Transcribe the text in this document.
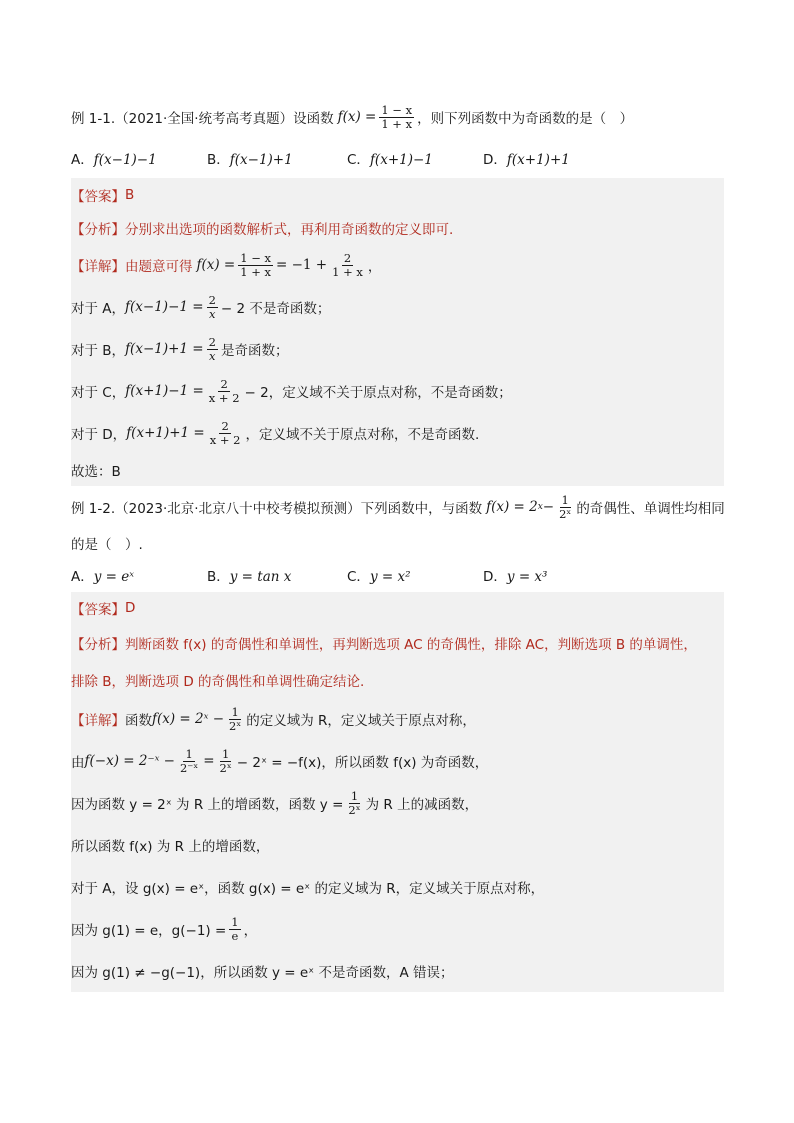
例 1-1.（2021·全国·统考高考真题）设函数 $f(x) = \frac{1 - x}{1 + x}$ ，则下列函数中为奇函数的是（　）
A．f(x−1)−1	B．f(x−1)+1	C．f(x+1)−1	D．f(x+1)+1
【答案】 B
【分析】 分别求出选项的函数解析式，再利用奇函数的定义即可.
【详解】 由题意可得 $f(x) = \frac{1 - x}{1 + x} = -1 + \frac{2}{1 + x}$ ，
对于 A， $f(x-1)-1 = \frac{2}{x} - 2$ 不是奇函数；
对于 B， $f(x-1)+1 = \frac{2}{x}$ 是奇函数；
对于 C， $f(x+1)-1 = \frac{2}{x + 2} - 2$，定义域不关于原点对称，不是奇函数；
对于 D， $f(x+1)+1 = \frac{2}{x + 2}$ ，定义域不关于原点对称，不是奇函数.
故选：B
例 1-2.（2023·北京·北京八十中校考模拟预测）下列函数中，与函数 f(x) = 2 $x - \frac{1}{\text{2ˣ}}$ 的奇偶性、单调性均相同
的是（　）.
A．y = eˣ	B．y = tan x	C．y = x²	D．y = x³
【答案】 D
【分析】 判断函数 f(x) 的奇偶性和单调性，再判断选项 AC 的奇偶性，排除 AC，判断选项 B 的单调性，
排除 B，判断选项 D 的奇偶性和单调性确定结论.
【详解】 函数 f(x) = 2ˣ − $\frac{1}{\text{2ˣ}}$ 的定义域为 R，定义域关于原点对称，
由 f(−x) = 2⁻ˣ − $\frac{1}{\text{2⁻ˣ}} = \frac{1}{\text{2ˣ}}$ − 2ˣ = −f(x)，所以函数 f(x) 为奇函数，
因为函数 y = 2ˣ 为 R 上的增函数，函数 $y = \frac{1}{\text{2ˣ}}$ 为 R 上的减函数，
所以函数 f(x) 为 R 上的增函数，
对于 A，设 g(x) = eˣ，函数 g(x) = eˣ 的定义域为 R，定义域关于原点对称，
因为 g(1) = e，$g(-1) = \frac{1}{e}$ ，
因为 g(1) ≠ −g(−1)，所以函数 y = eˣ 不是奇函数，A 错误；
